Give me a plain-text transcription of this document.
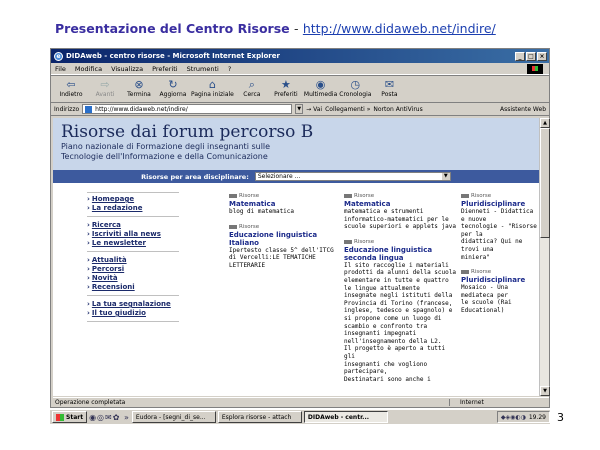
Presentazione del Centro Risorse - http://www.didaweb.net/indire/
e DIDAweb - centro risorse - Microsoft Internet Explorer	_	□ ×
File Modifica Visualizza Preferiti Strumenti ?
⇦
Indietro
⇨
Avanti
⊗
Termina
↻
Aggiorna
⌂
Pagina iniziale
⌕
Cerca
★
Preferiti
◉
Multimedia
◷
Cronologia
✉
Posta
Indirizzo	http://www.didaweb.net/indire/	▼ → Vai Collegamenti » Norton AntiVirus	Assistente Web
Risorse dai forum percorso B

Piano nazionale di Formazione degli insegnanti sulle

Tecnologie dell'Informazione e della Comunicazione

Risorse per area disciplinare: Selezionare ...	▼
› Homepage
› La redazione
› Ricerca
› Iscriviti alla news
› Le newsletter
› Attualità
› Percorsi
› Novità
› Recensioni
› La tua segnalazione
› Il tuo giudizio
Risorse
Matematica
blog di matematica
Risorse
Educazione linguistica Italiano
Ipertesto classe 5^ dell'ITCG
di Vercelli:LE TEMATICHE
LETTERARIE
Risorse
Matematica
matematica e strumenti
informatico-matematici per le
scuole superiori e applets java
Risorse
Educazione linguistica seconda lingua
Il sito raccoglie i materiali
prodotti da alunni della scuola
elementare in tutte e quattro
le lingue attualmente
insegnate negli istituti della
Provincia di Torino (francese,
inglese, tedesco e spagnolo) e
si propone come un luogo di
scambio e confronto tra
insegnanti impegnati
nell'insegnamento della L2.
Il progetto è aperto a tutti gli
insegnanti che vogliono
partecipare,
Destinatari sono anche i
Risorse
Pluridisciplinare
Dienneti - Didattica e nuove
tecnologie - "Risorse per la
didattica? Qui ne trovi una
miniera"
Risorse
Pluridisciplinare
Mosaico - Una mediateca per
le scuole (Rai Educational)
▲
▼
Operazione completata	Internet
Start ◉◎✉✿ »	Eudora - [segni_di_se...	Esplora risorse - attach	DIDAweb - centr...	◆◈◉◐◑ 19.29 3
